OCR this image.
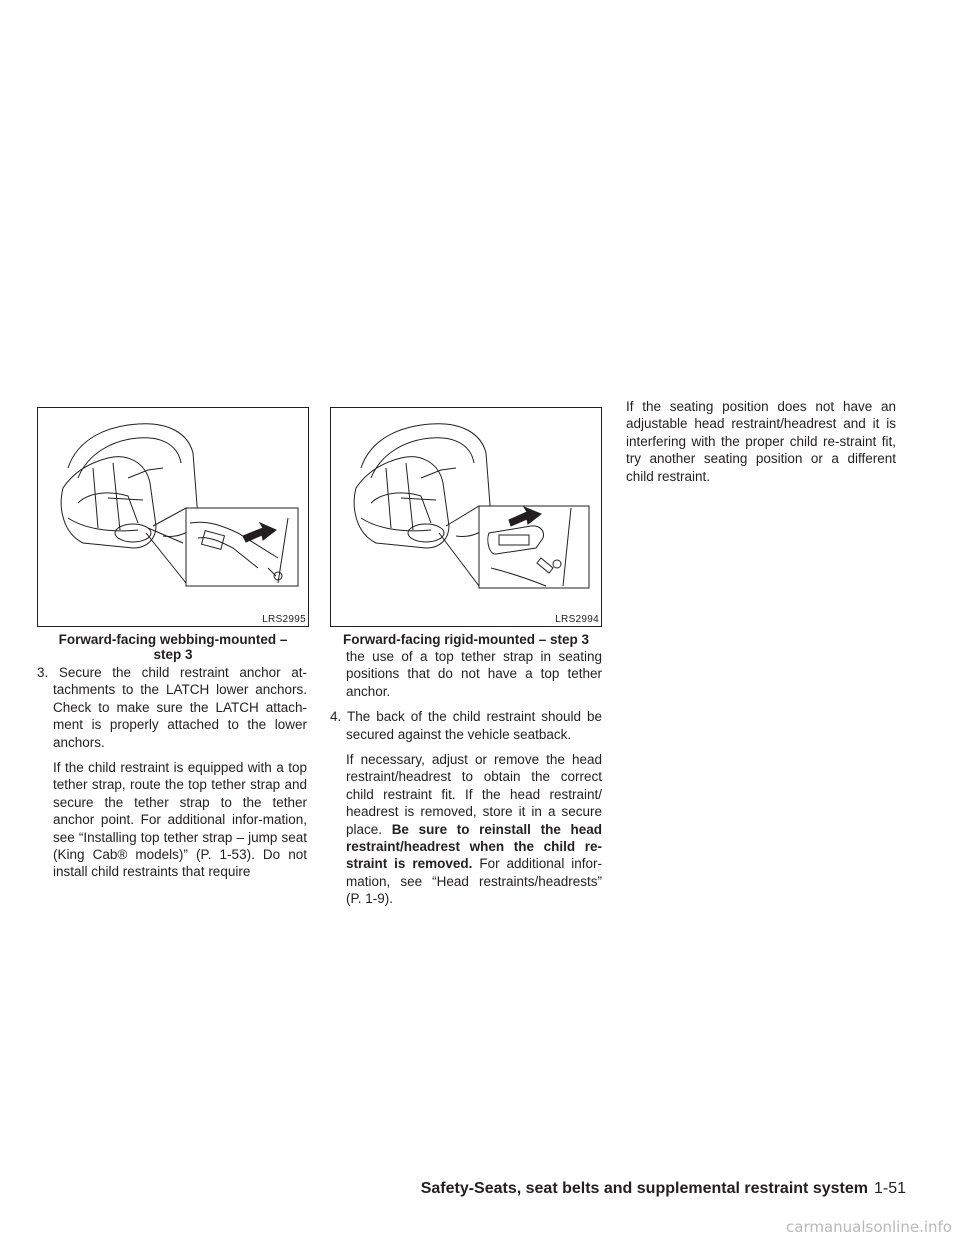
LRS2995
Forward-facing webbing-mounted –
step 3
LRS2994
Forward-facing rigid-mounted – step 3

3. Secure the child restraint anchor at-tachments to the LATCH lower anchors. Check to make sure the LATCH attach-ment is properly attached to the lower anchors.

If the child restraint is equipped with a top tether strap, route the top tether strap and secure the tether strap to the tether anchor point. For additional infor-mation, see “Installing top tether strap – jump seat (King Cab® models)” (P. 1-53). Do not install child restraints that require

the use of a top tether strap in seating positions that do not have a top tether anchor.

4. The back of the child restraint should be secured against the vehicle seatback.

If necessary, adjust or remove the head restraint/headrest to obtain the correct child restraint fit. If the head restraint/ headrest is removed, store it in a secure place. Be sure to reinstall the head restraint/headrest when the child re-straint is removed. For additional infor-mation, see “Head restraints/headrests” (P. 1-9).

If the seating position does not have an adjustable head restraint/headrest and it is interfering with the proper child re-straint fit, try another seating position or a different child restraint.

Safety-Seats, seat belts and supplemental restraint system 1-51
carmanualsonline.info
